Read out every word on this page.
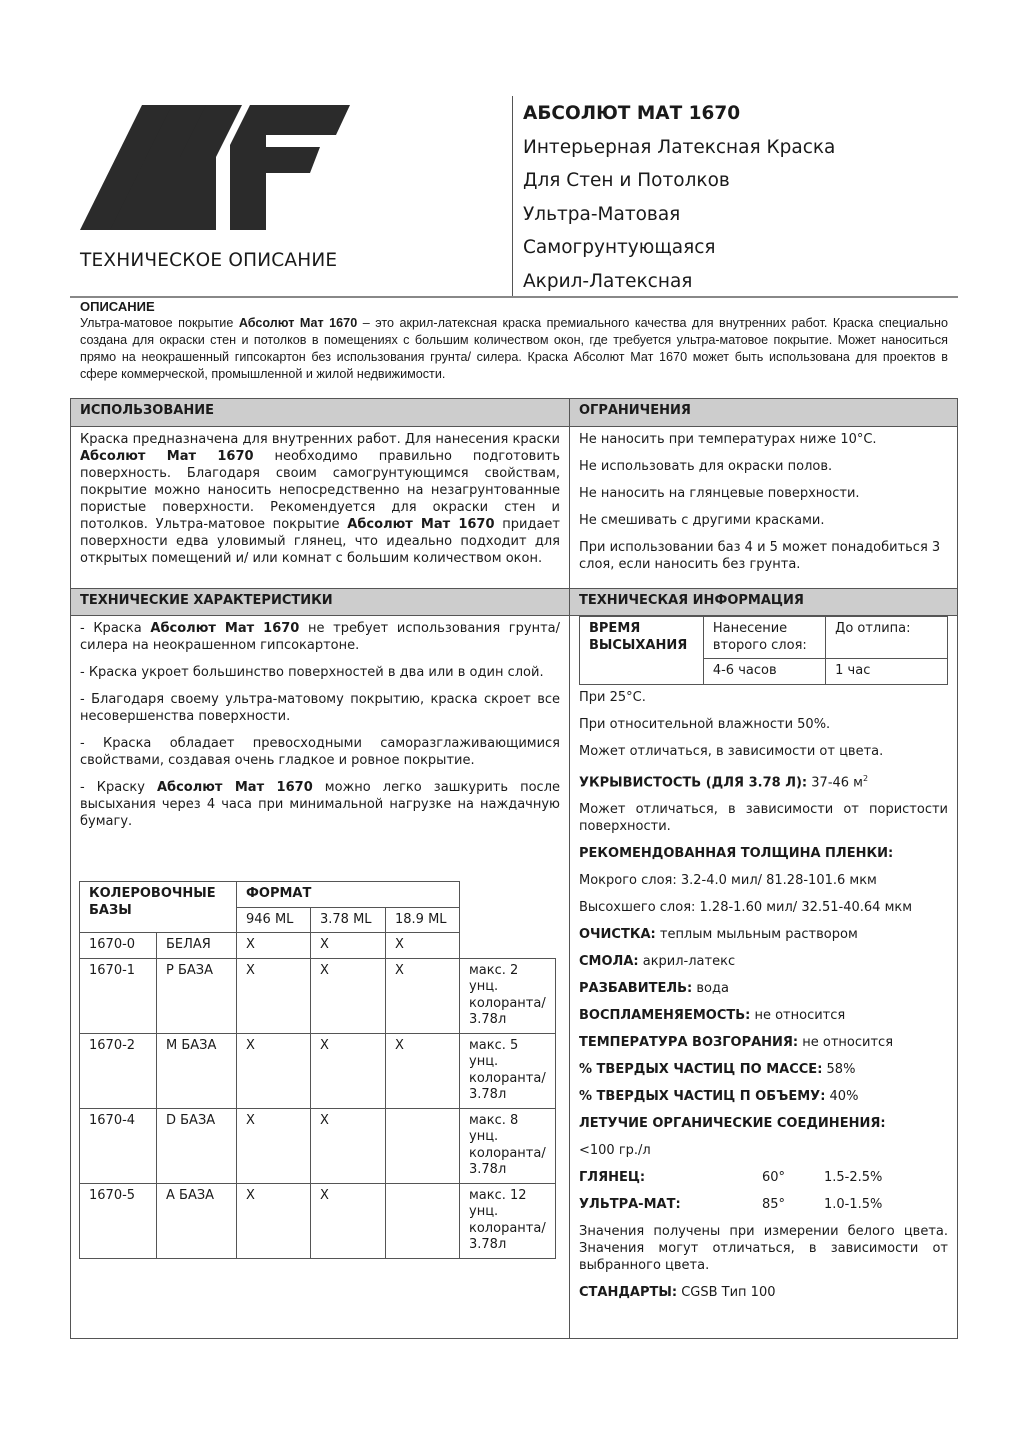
ТЕХНИЧЕСКОЕ ОПИСАНИЕ
АБСОЛЮТ МАТ 1670
Интерьерная Латексная Краска
Для Стен и Потолков
Ультра-Матовая
Самогрунтующаяся
Акрил-Латексная
ОПИСАНИЕ

Ультра-матовое покрытие Абсолют Мат 1670 – это акрил-латексная краска премиального качества для внутренних работ. Краска специально создана для окраски стен и потолков в помещениях с большим количеством окон, где требуется ультра-матовое покрытие. Может наноситься прямо на неокрашенный гипсокартон без использования грунта/ силера. Краска Абсолют Мат 1670 может быть использована для проектов в сфере коммерческой, промышленной и жилой недвижимости.

ИСПОЛЬЗОВАНИЕ

Краска предназначена для внутренних работ. Для нанесения краски Абсолют Мат 1670 необходимо правильно подготовить поверхность. Благодаря своим самогрунтующимся свойствам, покрытие можно наносить непосредственно на незагрунтованные пористые поверхности. Рекомендуется для окраски стен и потолков. Ультра-матовое покрытие Абсолют Мат 1670 придает поверхности едва уловимый глянец, что идеально подходит для открытых помещений и/ или комнат с большим количеством окон.

ОГРАНИЧЕНИЯ

Не наносить при температурах ниже 10°С.

Не использовать для окраски полов.

Не наносить на глянцевые поверхности.

Не смешивать с другими красками.

При использовании баз 4 и 5 может понадобиться 3 слоя, если наносить без грунта.

ТЕХНИЧЕСКИЕ ХАРАКТЕРИСТИКИ

- Краска Абсолют Мат 1670 не требует использования грунта/ силера на неокрашенном гипсокартоне.

- Краска укроет большинство поверхностей в два или в один слой.

- Благодаря своему ультра-матовому покрытию, краска скроет все несовершенства поверхности.

- Краска обладает превосходными саморазглаживающимися свойствами, создавая очень гладкое и ровное покрытие.

- Краску Абсолют Мат 1670 можно легко зашкурить после высыхания через 4 часа при минимальной нагрузке на наждачную бумагу.

ТЕХНИЧЕСКАЯ ИНФОРМАЦИЯ
ВРЕМЯ ВЫСЫХАНИЯ	Нанесение второго слоя:	До отлипа:
	4-6 часов	1 час

При 25°С.

При относительной влажности 50%.

Может отличаться, в зависимости от цвета.

УКРЫВИСТОСТЬ (ДЛЯ 3.78 Л): 37-46 $м^2$

Может отличаться, в зависимости от пористости поверхности.

РЕКОМЕНДОВАННАЯ ТОЛЩИНА ПЛЕНКИ:

Мокрого слоя: 3.2-4.0 мил/ 81.28-101.6 мкм

Высохшего слоя: 1.28-1.60 мил/ 32.51-40.64 мкм

ОЧИСТКА: теплым мыльным раствором

СМОЛА: акрил-латекс

РАЗБАВИТЕЛЬ: вода

ВОСПЛАМЕНЯЕМОСТЬ: не относится

ТЕМПЕРАТУРА ВОЗГОРАНИЯ: не относится

% ТВЕРДЫХ ЧАСТИЦ ПО МАССЕ: 58%

% ТВЕРДЫХ ЧАСТИЦ П ОБЪЕМУ: 40%

ЛЕТУЧИЕ ОРГАНИЧЕСКИЕ СОЕДИНЕНИЯ:

<100 гр./л

ГЛЯНЕЦ:	60°	1.5-2.5%
УЛЬТРА-МАТ:	85°	1.0-1.5%

Значения получены при измерении белого цвета. Значения могут отличаться, в зависимости от выбранного цвета.

СТАНДАРТЫ: CGSB Тип 100

КОЛЕРОВОЧНЫЕ БАЗЫ		ФОРМАТ			
		946 ML	3.78 ML	18.9 ML	
1670-0	БЕЛАЯ	X	X	X	
1670-1	P БАЗА	X	X	X	макс. 2 унц. колоранта/ 3.78л
1670-2	M БАЗА	X	X	X	макс. 5 унц. колоранта/ 3.78л
1670-4	D БАЗА	X	X		макс. 8 унц. колоранта/ 3.78л
1670-5	A БАЗА	X	X		макс. 12 унц. колоранта/ 3.78л
